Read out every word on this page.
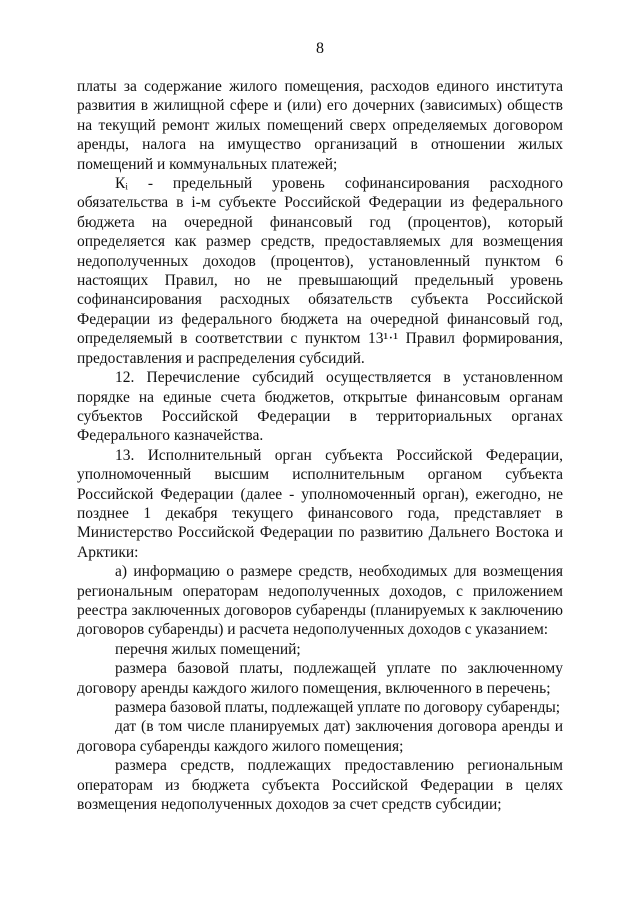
8

платы за содержание жилого помещения, расходов единого института развития в жилищной сфере и (или) его дочерних (зависимых) обществ на текущий ремонт жилых помещений сверх определяемых договором аренды, налога на имущество организаций в отношении жилых помещений и коммунальных платежей;

Кᵢ - предельный уровень софинансирования расходного обязательства в i-м субъекте Российской Федерации из федерального бюджета на очередной финансовый год (процентов), который определяется как размер средств, предоставляемых для возмещения недополученных доходов (процентов), установленный пунктом 6 настоящих Правил, но не превышающий предельный уровень софинансирования расходных обязательств субъекта Российской Федерации из федерального бюджета на очередной финансовый год, определяемый в соответствии с пунктом 13¹·¹ Правил формирования, предоставления и распределения субсидий.

12. Перечисление субсидий осуществляется в установленном порядке на единые счета бюджетов, открытые финансовым органам субъектов Российской Федерации в территориальных органах Федерального казначейства.

13. Исполнительный орган субъекта Российской Федерации, уполномоченный высшим исполнительным органом субъекта Российской Федерации (далее - уполномоченный орган), ежегодно, не позднее 1 декабря текущего финансового года, представляет в Министерство Российской Федерации по развитию Дальнего Востока и Арктики:

а) информацию о размере средств, необходимых для возмещения региональным операторам недополученных доходов, с приложением реестра заключенных договоров субаренды (планируемых к заключению договоров субаренды) и расчета недополученных доходов с указанием:

перечня жилых помещений;

размера базовой платы, подлежащей уплате по заключенному договору аренды каждого жилого помещения, включенного в перечень;

размера базовой платы, подлежащей уплате по договору субаренды;

дат (в том числе планируемых дат) заключения договора аренды и договора субаренды каждого жилого помещения;

размера средств, подлежащих предоставлению региональным операторам из бюджета субъекта Российской Федерации в целях возмещения недополученных доходов за счет средств субсидии;
